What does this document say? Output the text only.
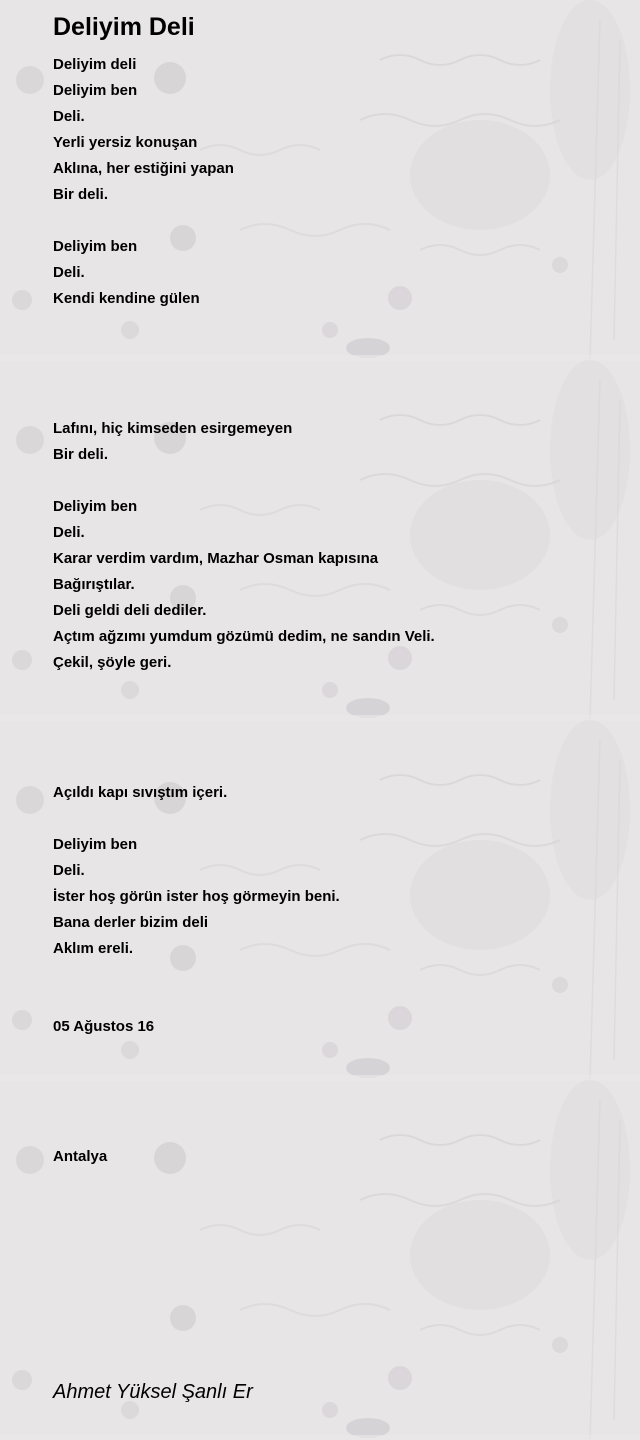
Deliyim Deli
Deliyim deli
Deliyim ben
Deli.
Yerli yersiz konuşan
Aklına, her estiğini yapan
Bir deli.
Deliyim ben
Deli.
Kendi kendine gülen
Lafını, hiç kimseden esirgemeyen
Bir deli.
Deliyim ben
Deli.
Karar verdim vardım, Mazhar Osman kapısına
Bağırıştılar.
Deli geldi deli dediler.
Açtım ağzımı yumdum gözümü dedim, ne sandın Veli.
Çekil, şöyle geri.
Açıldı kapı sıvıştım içeri.
Deliyim ben
Deli.
İster hoş görün ister hoş görmeyin beni.
Bana derler bizim deli
Aklım ereli.
05 Ağustos 16
Antalya
Ahmet Yüksel Şanlı Er
